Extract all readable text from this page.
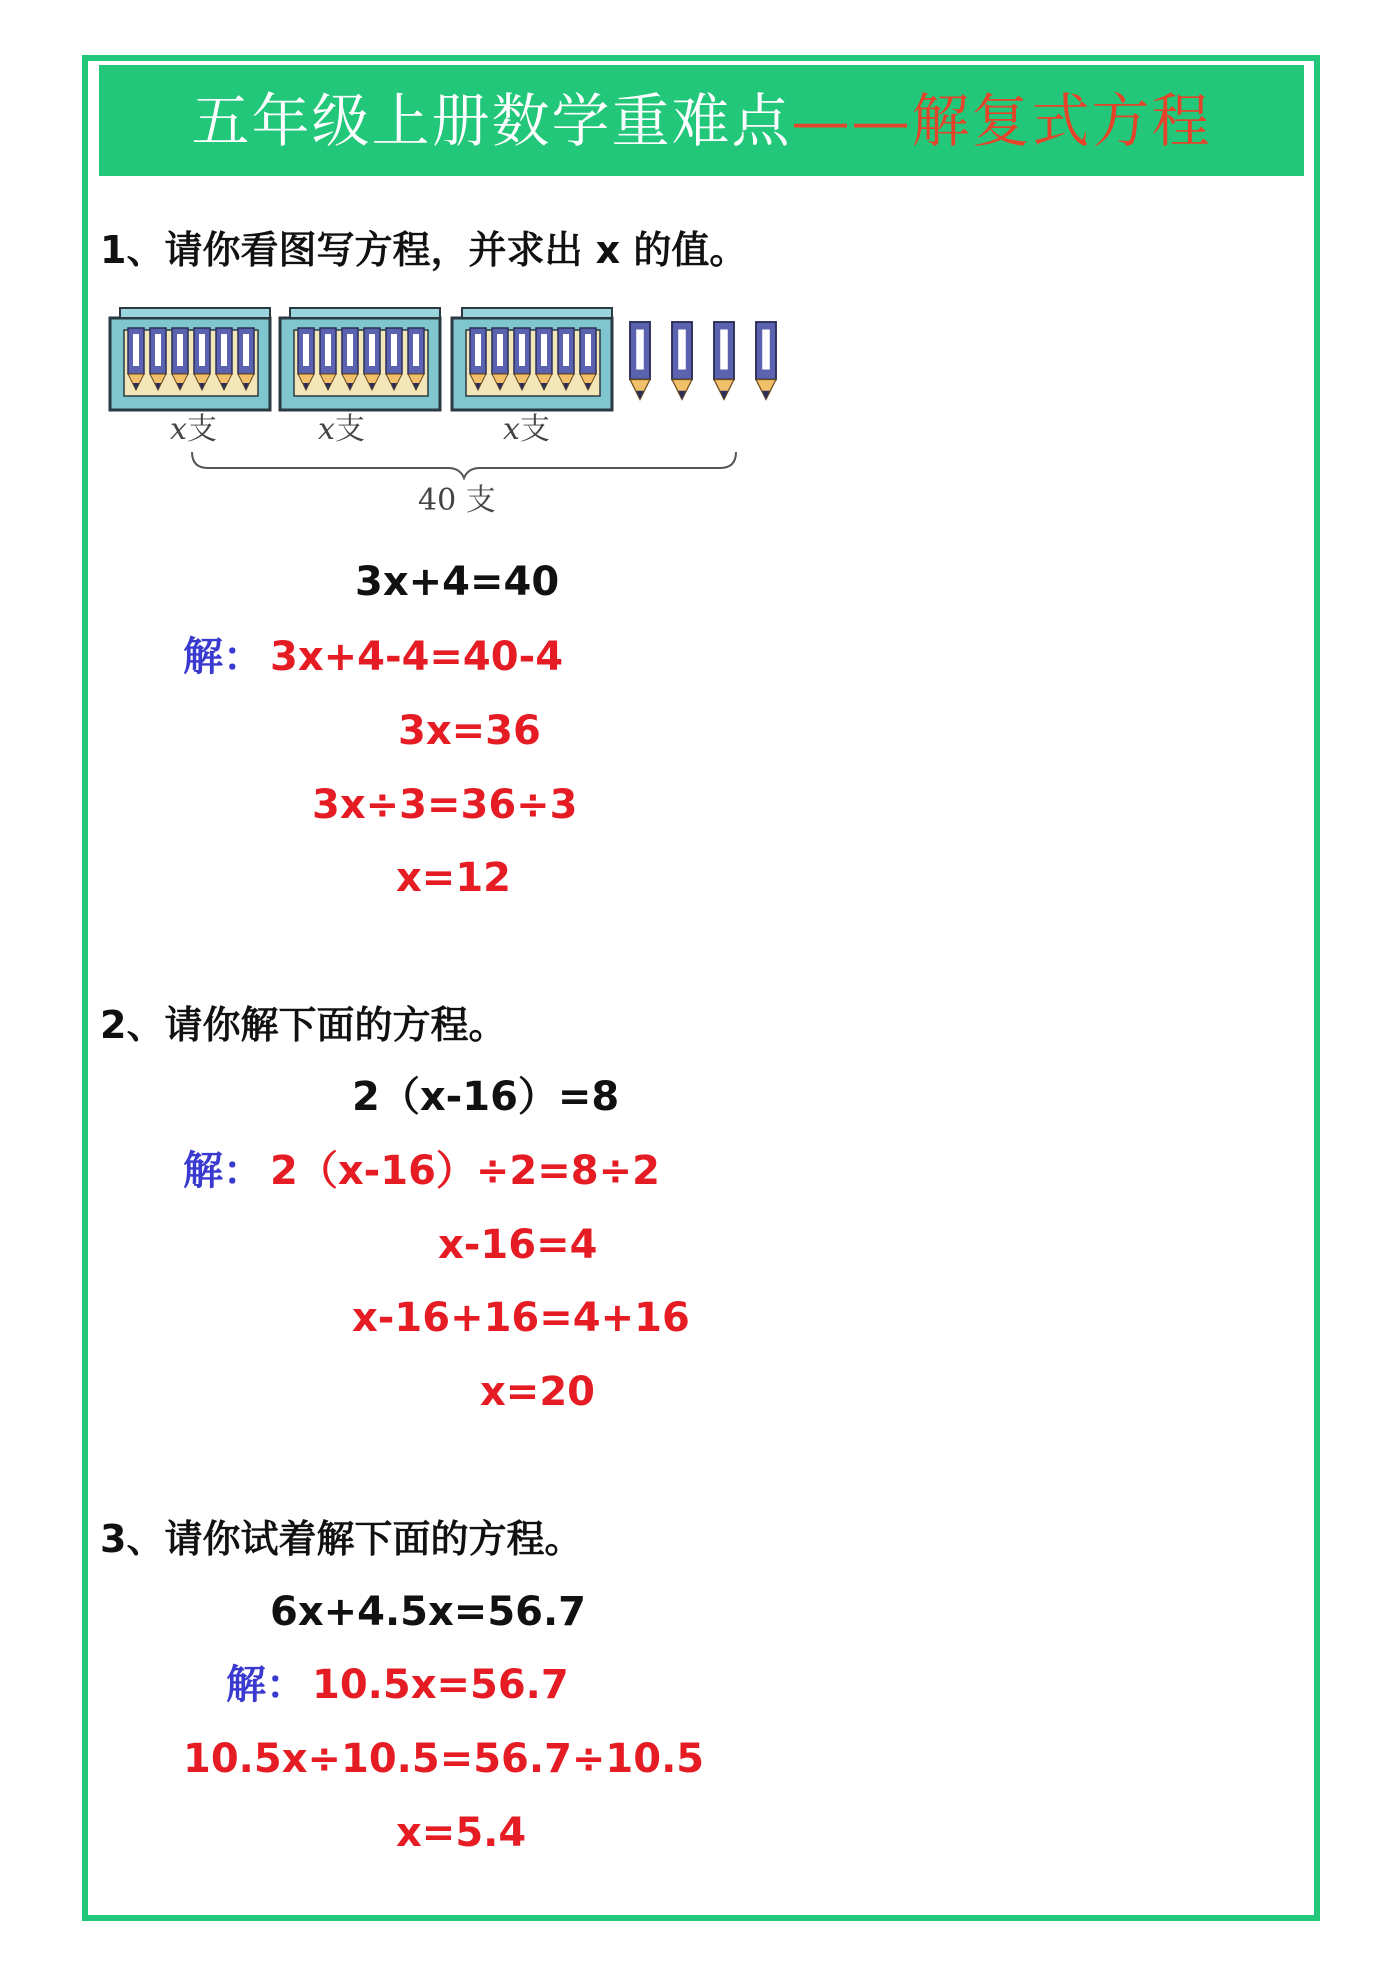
五年级上册数学重难点——解复式方程
1、请你看图写方程，并求出 x 的值。
x支	x支	x支
40 支
3x+4=40
解： 3x+4-4=40-4
3x=36
3x÷3=36÷3
x=12
2、请你解下面的方程。
2（x-16）=8
解： 2（x-16）÷2=8÷2
x-16=4
x-16+16=4+16
x=20
3、请你试着解下面的方程。
6x+4.5x=56.7
解： 10.5x=56.7
10.5x÷10.5=56.7÷10.5
x=5.4
